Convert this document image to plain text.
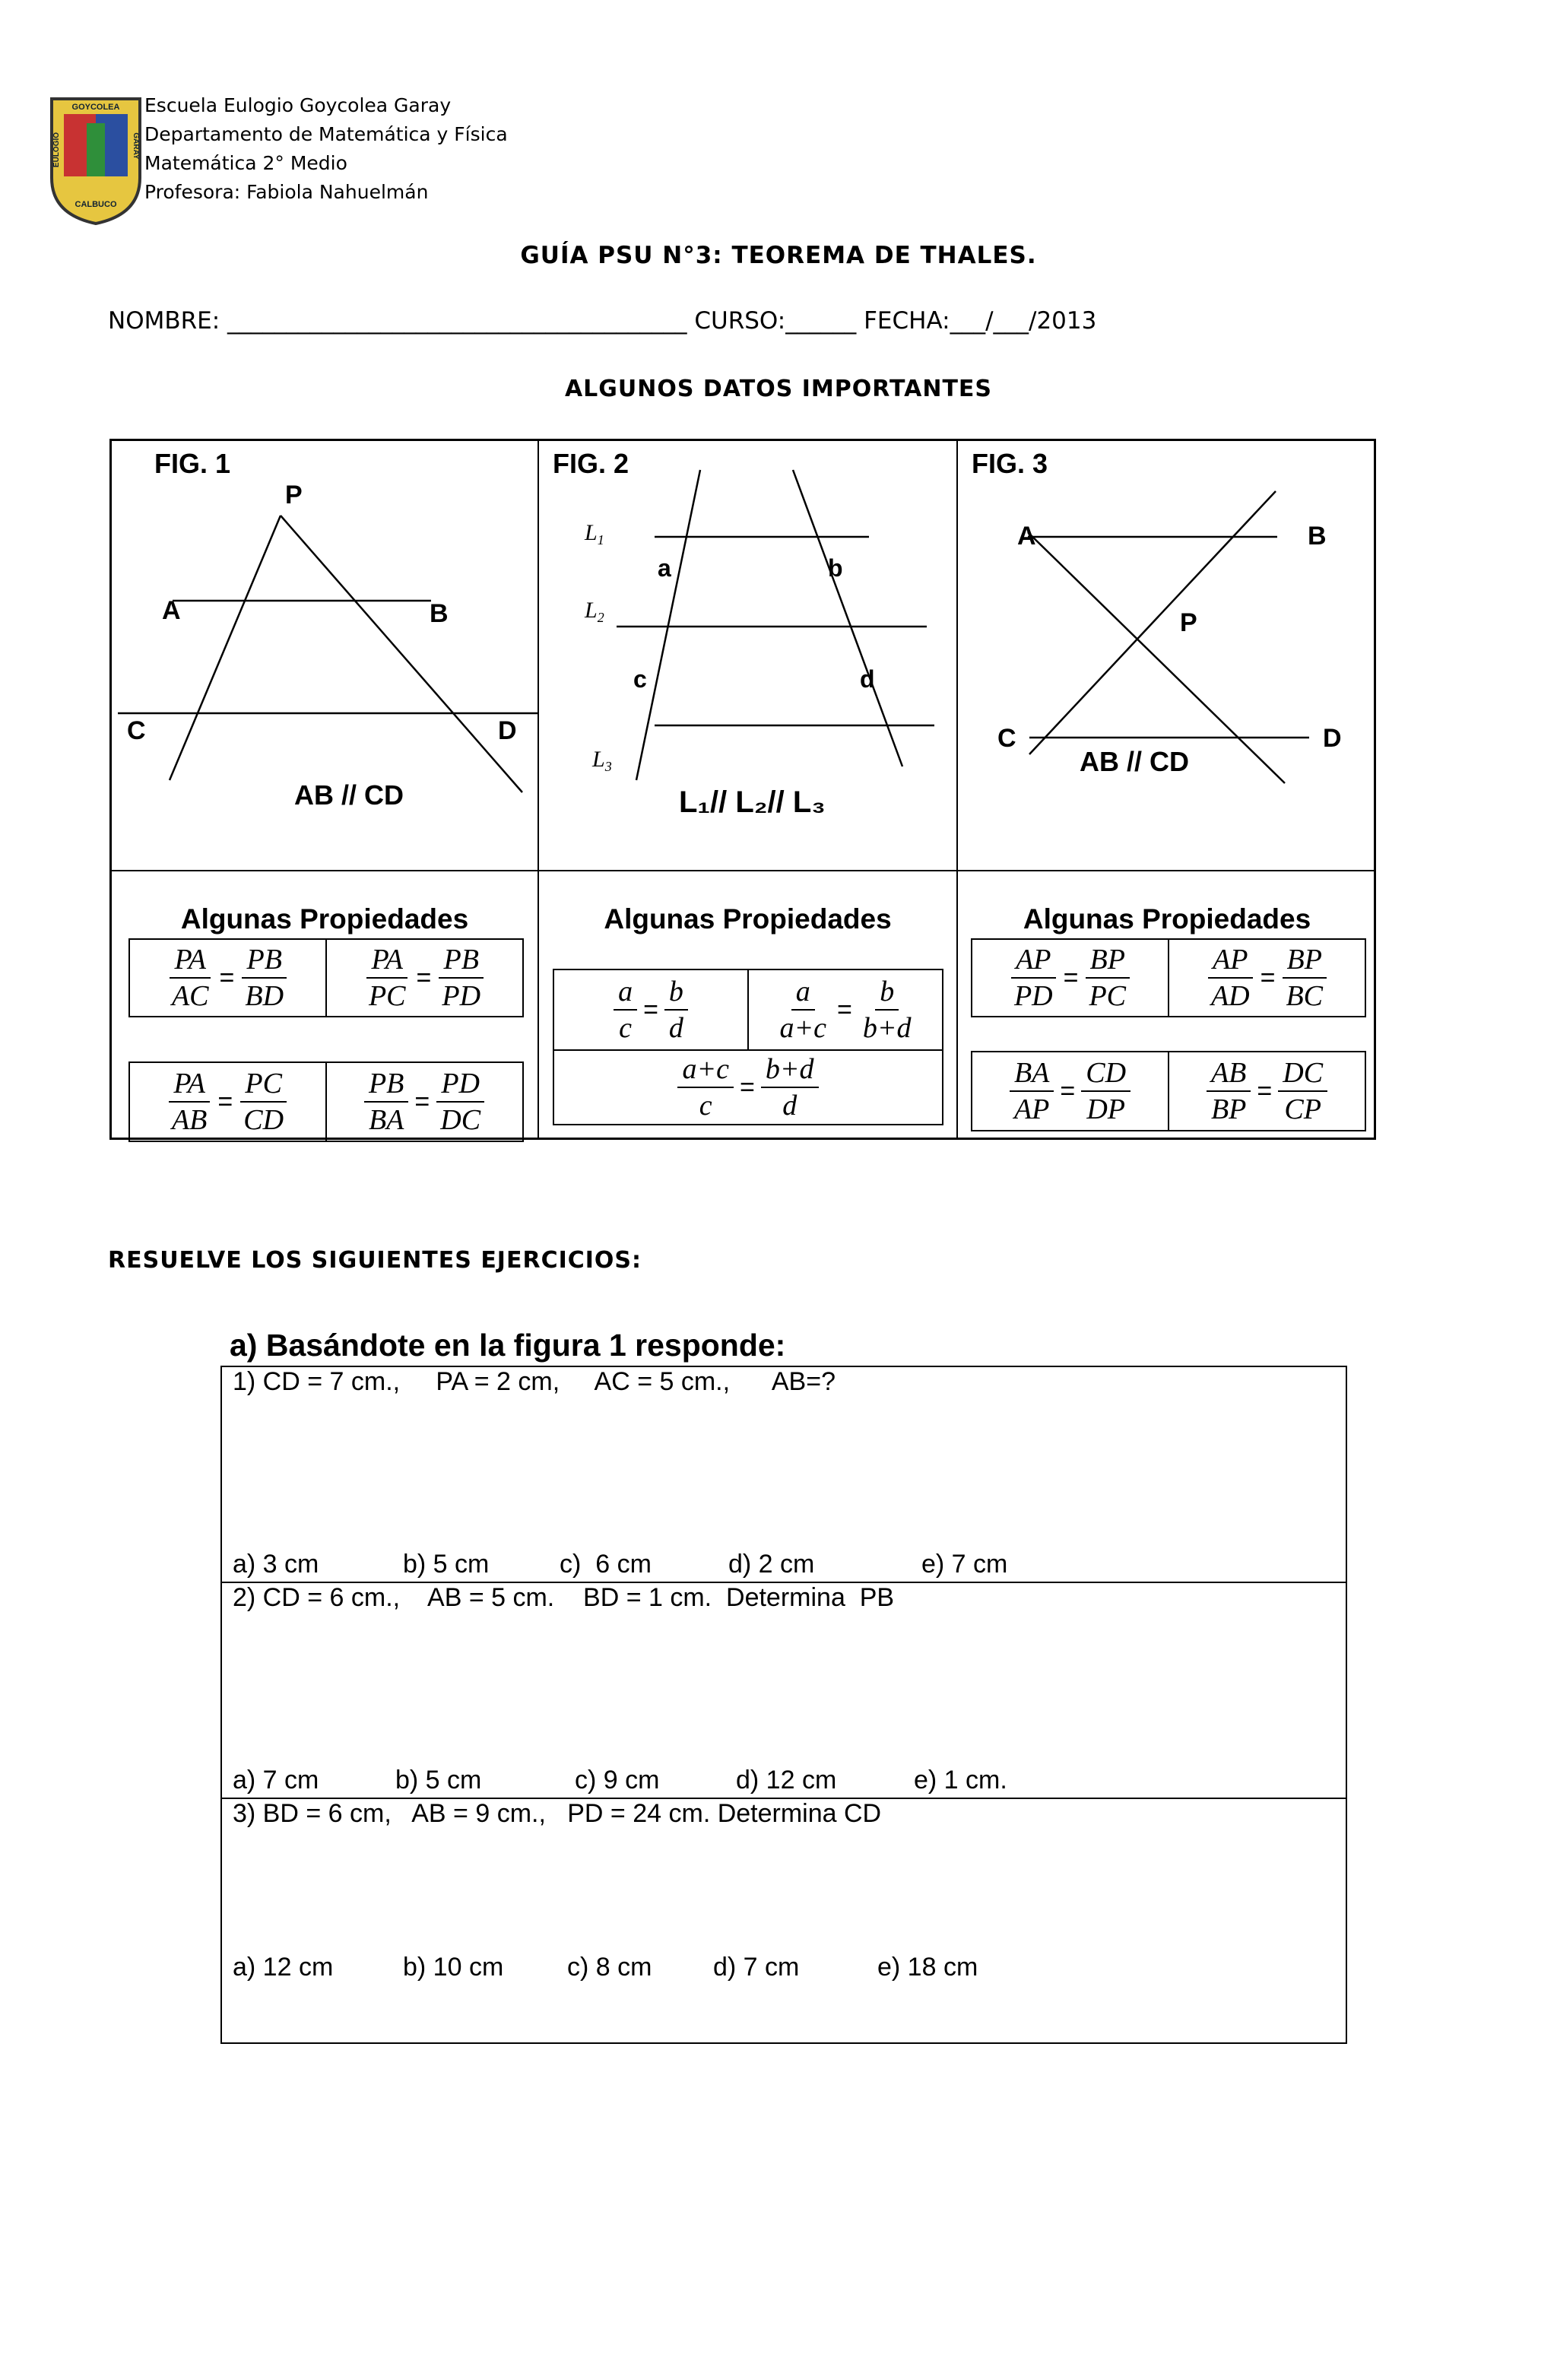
GOYCOLEA
CALBUCO
EULOGIO	GARAY
Escuela Eulogio Goycolea Garay
Departamento de Matemática y Física
Matemática 2° Medio
Profesora: Fabiola Nahuelmán
GUÍA PSU N°3: TEOREMA DE THALES.
NOMBRE: _______________________________________ CURSO:______ FECHA:___/___/2013
ALGUNOS DATOS IMPORTANTES
FIG. 1
P
A	B
C	D
AB // CD
FIG. 2
$L_1$
$L_2$
$L_3$
a	b
c	d
L₁// L₂// L₃
FIG. 3
A	B
P
C	D
AB // CD
Algunas Propiedades	Algunas Propiedades	Algunas Propiedades
$\frac{PA}{AC} = \frac{PB}{BD}$	$\frac{PA}{PC} = \frac{PB}{PD}$
$\frac{PA}{AB} = \frac{PC}{CD}$	$\frac{PB}{BA} = \frac{PD}{DC}$
$\frac{a}{c} = \frac{b}{d}$	$\frac{a}{a+c} = \frac{b}{b+d}$
$\frac{a+c}{c} = \frac{b+d}{d}$
$\frac{AP}{PD} = \frac{BP}{PC}$	$\frac{AP}{AD} = \frac{BP}{BC}$
$\frac{BA}{AP} = \frac{CD}{DP}$	$\frac{AB}{BP} = \frac{DC}{CP}$
RESUELVE LOS SIGUIENTES EJERCICIOS:
a) Basándote en la figura 1 responde:
1) CD = 7 cm.,     PA = 2 cm,     AC = 5 cm.,      AB=?
a) 3 cm	b) 5 cm	c)  6 cm	d) 2 cm	e) 7 cm
2) CD = 6 cm.,    AB = 5 cm.    BD = 1 cm.  Determina  PB
a) 7 cm	b) 5 cm	c) 9 cm	d) 12 cm	e) 1 cm.
3) BD = 6 cm,   AB = 9 cm.,   PD = 24 cm. Determina CD
a) 12 cm	b) 10 cm c) 8 cm d) 7 cm	e) 18 cm
